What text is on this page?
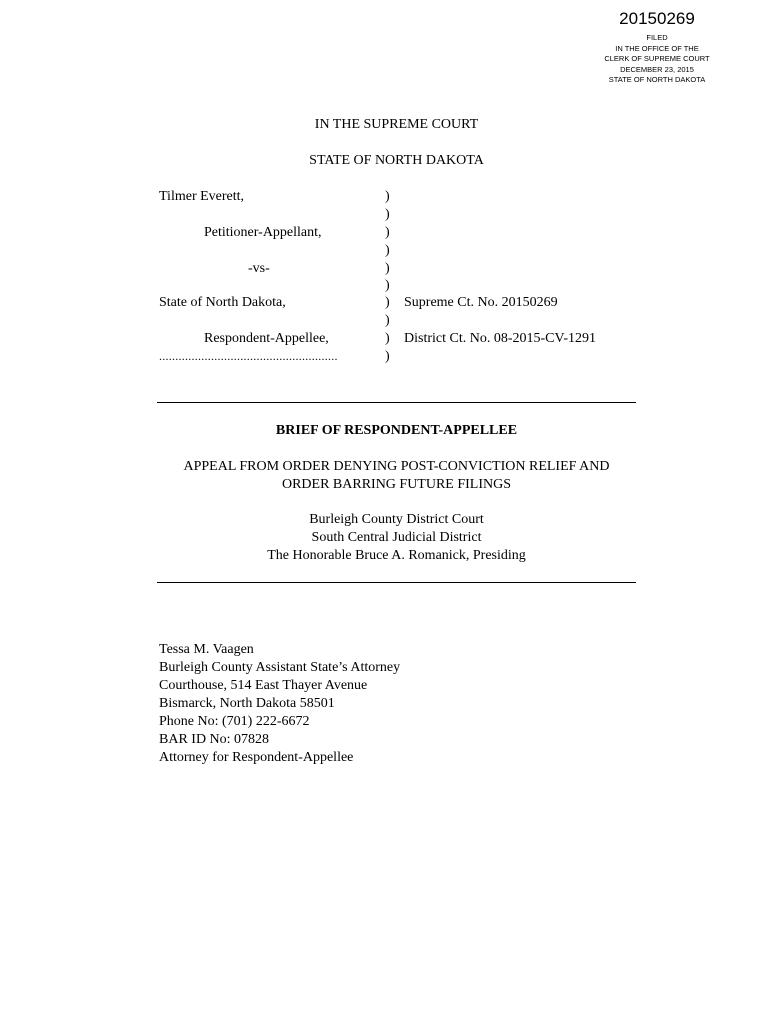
20150269
FILED
IN THE OFFICE OF THE
CLERK OF SUPREME COURT
DECEMBER 23, 2015
STATE OF NORTH DAKOTA
IN THE SUPREME COURT
STATE OF NORTH DAKOTA
Tilmer Everett,
Petitioner-Appellant,
-vs-
State of North Dakota,
Respondent-Appellee,
.......................................................
)
)
)
)
)
)
)
)
)
)
Supreme Ct. No. 20150269
District Ct. No. 08-2015-CV-1291
BRIEF OF RESPONDENT-APPELLEE
APPEAL FROM ORDER DENYING POST-CONVICTION RELIEF AND
ORDER BARRING FUTURE FILINGS
Burleigh County District Court
South Central Judicial District
The Honorable Bruce A. Romanick, Presiding
Tessa M. Vaagen
Burleigh County Assistant State’s Attorney
Courthouse, 514 East Thayer Avenue
Bismarck, North Dakota 58501
Phone No: (701) 222-6672
BAR ID No: 07828
Attorney for Respondent-Appellee
